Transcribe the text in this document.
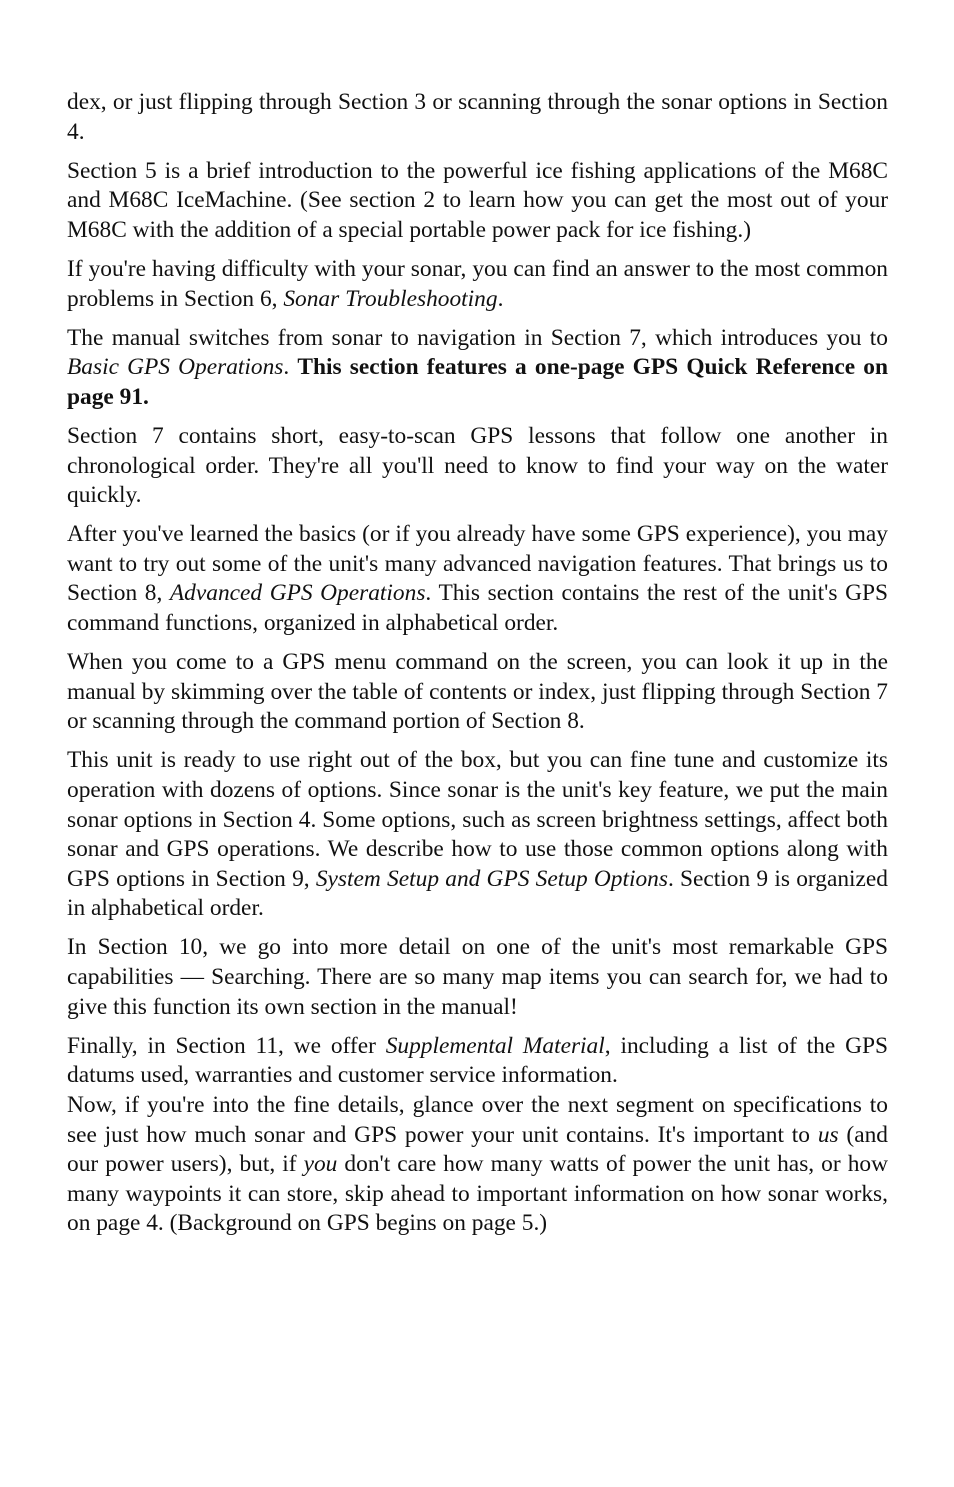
dex, or just flipping through Section 3 or scanning through the sonar options in Section 4.

Section 5 is a brief introduction to the powerful ice fishing applications of the M68C and M68C IceMachine. (See section 2 to learn how you can get the most out of your M68C with the addition of a special portable power pack for ice fishing.)

If you're having difficulty with your sonar, you can find an answer to the most common problems in Section 6, Sonar Troubleshooting.

The manual switches from sonar to navigation in Section 7, which introduces you to Basic GPS Operations. This section features a one-page GPS Quick Reference on page 91.

Section 7 contains short, easy-to-scan GPS lessons that follow one another in chronological order. They're all you'll need to know to find your way on the water quickly.

After you've learned the basics (or if you already have some GPS experience), you may want to try out some of the unit's many advanced navigation features. That brings us to Section 8, Advanced GPS Operations. This section contains the rest of the unit's GPS command functions, organized in alphabetical order.

When you come to a GPS menu command on the screen, you can look it up in the manual by skimming over the table of contents or index, just flipping through Section 7 or scanning through the command portion of Section 8.

This unit is ready to use right out of the box, but you can fine tune and customize its operation with dozens of options. Since sonar is the unit's key feature, we put the main sonar options in Section 4. Some options, such as screen brightness settings, affect both sonar and GPS operations. We describe how to use those common options along with GPS options in Section 9, System Setup and GPS Setup Options. Section 9 is organized in alphabetical order.

In Section 10, we go into more detail on one of the unit's most remarkable GPS capabilities — Searching. There are so many map items you can search for, we had to give this function its own section in the manual!

Finally, in Section 11, we offer Supplemental Material, including a list of the GPS datums used, warranties and customer service information.

Now, if you're into the fine details, glance over the next segment on specifications to see just how much sonar and GPS power your unit contains. It's important to us (and our power users), but, if you don't care how many watts of power the unit has, or how many waypoints it can store, skip ahead to important information on how sonar works, on page 4. (Background on GPS begins on page 5.)
